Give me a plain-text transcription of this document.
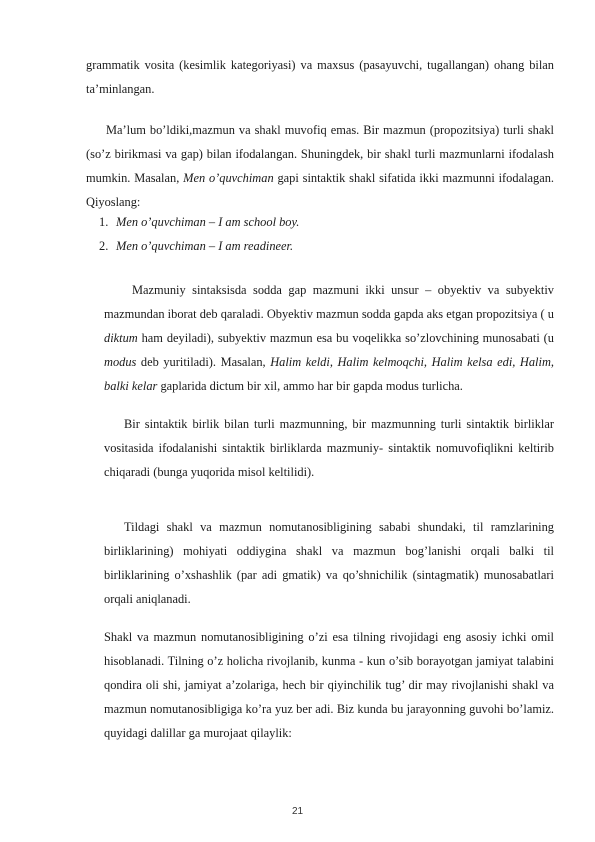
grammatik vosita (kesimlik kategoriyasi) va maxsus (pasayuvchi, tugallangan) ohang bilan ta’minlangan.

Ma’lum bo’ldiki,mazmun va shakl muvofiq emas. Bir mazmun (propozitsiya) turli shakl (so’z birikmasi va gap) bilan ifodalangan. Shuningdek, bir shakl turli mazmunlarni ifodalash mumkin. Masalan, Men o’quvchiman gapi sintaktik shakl sifatida ikki mazmunni ifodalagan. Qiyoslang:

1. Men o’quvchiman – I am school boy.
2. Men o’quvchiman – I am readineer.

Mazmuniy sintaksisda sodda gap mazmuni ikki unsur – obyektiv va subyektiv mazmundan iborat deb qaraladi. Obyektiv mazmun sodda gapda aks etgan propozitsiya ( u diktum ham deyiladi), subyektiv mazmun esa bu voqelikka so’zlovchining munosabati (u modus deb yuritiladi). Masalan, Halim keldi, Halim kelmoqchi, Halim kelsa edi, Halim, balki kelar gaplarida dictum bir xil, ammo har bir gapda modus turlicha.

Bir sintaktik birlik bilan turli mazmunning, bir mazmunning turli sintaktik birliklar vositasida ifodalanishi sintaktik birliklarda mazmuniy- sintaktik nomuvofiqlikni keltirib chiqaradi (bunga yuqorida misol keltilidi).

Tildagi shakl va mazmun nomutanosibligining sababi shundaki, til ramzlarining birliklarining) mohiyati oddiygina shakl va mazmun bog’lanishi orqali balki til birliklarining o’xshashlik (par adi gmatik) va qo’shnichilik (sintagmatik) munosabatlari orqali aniqlanadi.

Shakl va mazmun nomutanosibligining o’zi esa tilning rivojidagi eng asosiy ichki omil hisoblanadi. Tilning o’z holicha rivojlanib, kunma - kun o’sib borayotgan jamiyat talabini qondira oli shi, jamiyat a’zolariga, hech bir qiyinchilik tug’ dir may rivojlanishi shakl va mazmun nomutanosibligiga ko’ra yuz ber adi. Biz kunda bu jarayonning guvohi bo’lamiz. quyidagi dalillar ga murojaat qilaylik:

21
